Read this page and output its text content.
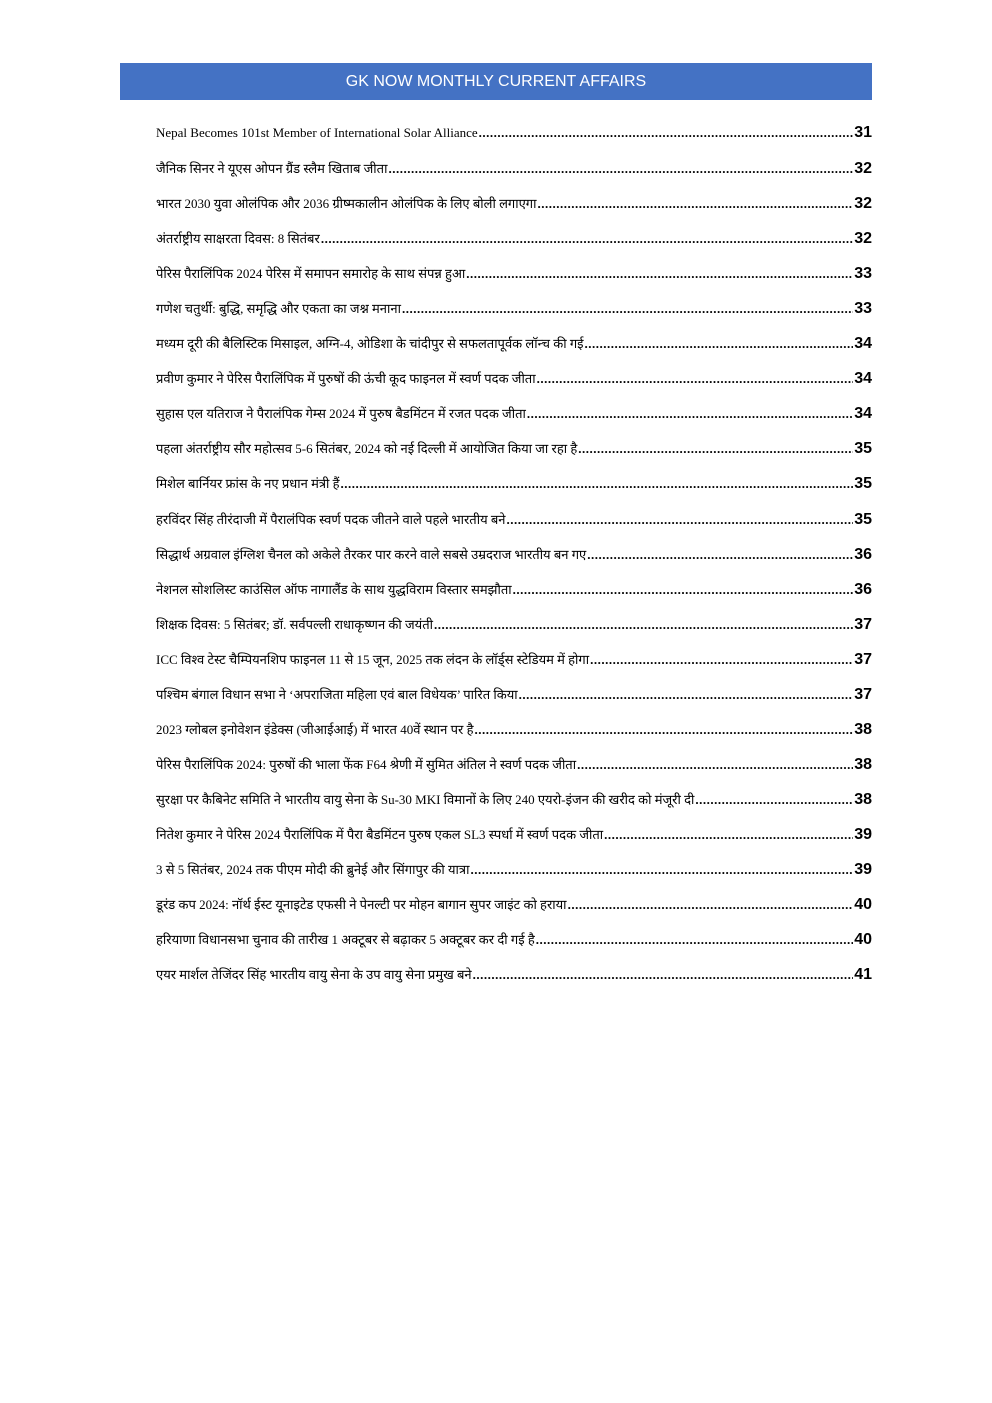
GK NOW MONTHLY CURRENT AFFAIRS
Nepal Becomes 101st Member of International Solar Alliance .....	31
जैनिक सिनर ने यूएस ओपन ग्रैंड स्लैम खिताब जीता .....	32
भारत 2030 युवा ओलंपिक और 2036 ग्रीष्मकालीन ओलंपिक के लिए बोली लगाएगा .....	32
अंतर्राष्ट्रीय साक्षरता दिवस: 8 सितंबर .....	32
पेरिस पैरालिंपिक 2024 पेरिस में समापन समारोह के साथ संपन्न हुआ .....	33
गणेश चतुर्थी: बुद्धि, समृद्धि और एकता का जश्न मनाना .....	33
मध्यम दूरी की बैलिस्टिक मिसाइल, अग्नि-4, ओडिशा के चांदीपुर से सफलतापूर्वक लॉन्च की गई .....	34
प्रवीण कुमार ने पेरिस पैरालिंपिक में पुरुषों की ऊंची कूद फाइनल में स्वर्ण पदक जीता .....	34
सुहास एल यतिराज ने पैरालंपिक गेम्स 2024 में पुरुष बैडमिंटन में रजत पदक जीता .....	34
पहला अंतर्राष्ट्रीय सौर महोत्सव 5-6 सितंबर, 2024 को नई दिल्ली में आयोजित किया जा रहा है .....	35
मिशेल बार्नियर फ्रांस के नए प्रधान मंत्री हैं .....	35
हरविंदर सिंह तीरंदाजी में पैरालंपिक स्वर्ण पदक जीतने वाले पहले भारतीय बने .....	35
सिद्धार्थ अग्रवाल इंग्लिश चैनल को अकेले तैरकर पार करने वाले सबसे उम्रदराज भारतीय बन गए .....	36
नेशनल सोशलिस्ट काउंसिल ऑफ नागालैंड के साथ युद्धविराम विस्तार समझौता .....	36
शिक्षक दिवस: 5 सितंबर; डॉ. सर्वपल्ली राधाकृष्णन की जयंती .....	37
ICC विश्व टेस्ट चैम्पियनशिप फाइनल 11 से 15 जून, 2025 तक लंदन के लॉर्ड्स स्टेडियम में होगा .....	37
पश्चिम बंगाल विधान सभा ने ‘अपराजिता महिला एवं बाल विधेयक’ पारित किया .....	37
2023 ग्लोबल इनोवेशन इंडेक्स (जीआईआई) में भारत 40वें स्थान पर है .....	38
पेरिस पैरालिंपिक 2024: पुरुषों की भाला फेंक F64 श्रेणी में सुमित अंतिल ने स्वर्ण पदक जीता .....	38
सुरक्षा पर कैबिनेट समिति ने भारतीय वायु सेना के Su-30 MKI विमानों के लिए 240 एयरो-इंजन की खरीद को मंजूरी दी .....	38
नितेश कुमार ने पेरिस 2024 पैरालिंपिक में पैरा बैडमिंटन पुरुष एकल SL3 स्पर्धा में स्वर्ण पदक जीता .....	39
3 से 5 सितंबर, 2024 तक पीएम मोदी की ब्रुनेई और सिंगापुर की यात्रा .....	39
डूरंड कप 2024: नॉर्थ ईस्ट यूनाइटेड एफसी ने पेनल्टी पर मोहन बागान सुपर जाइंट को हराया .....	40
हरियाणा विधानसभा चुनाव की तारीख 1 अक्टूबर से बढ़ाकर 5 अक्टूबर कर दी गई है .....	40
एयर मार्शल तेजिंदर सिंह भारतीय वायु सेना के उप वायु सेना प्रमुख बने .....	41
